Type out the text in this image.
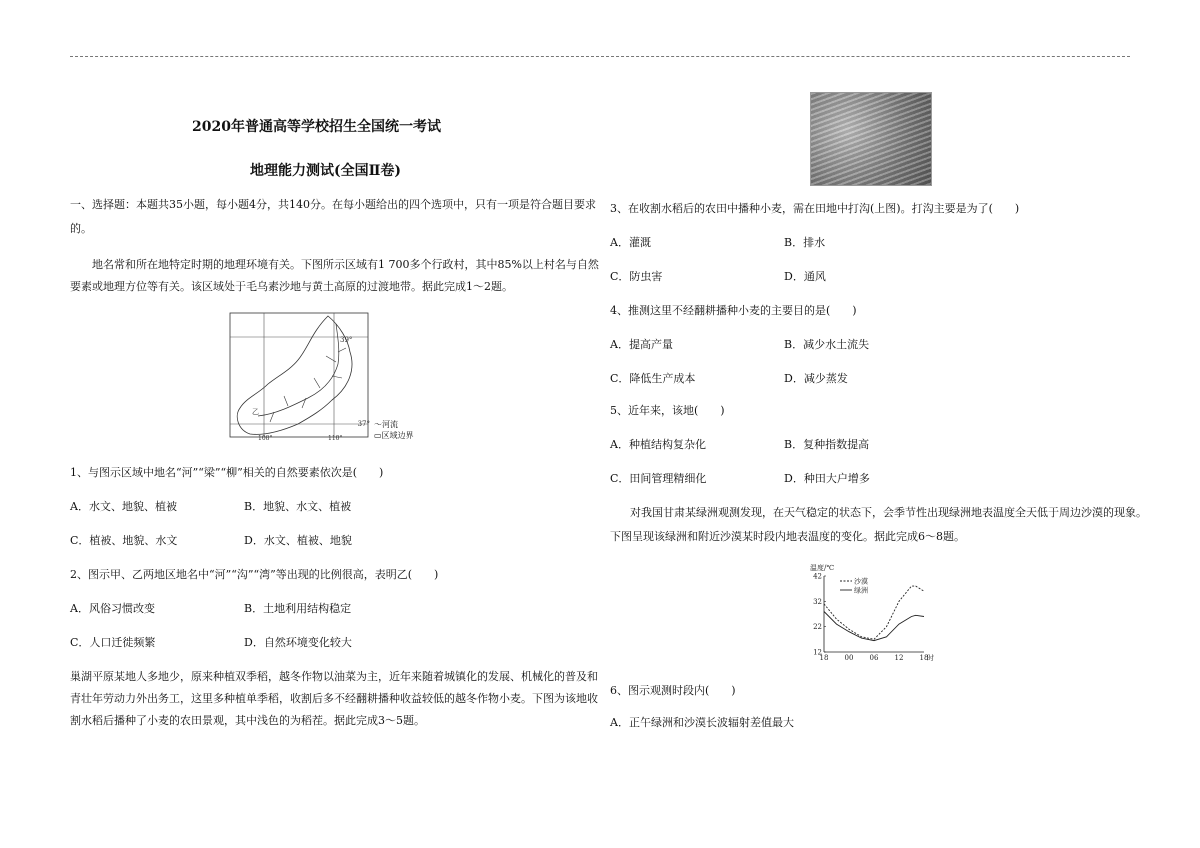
2020年普通高等学校招生全国统一考试
地理能力测试(全国Ⅱ卷)
一、选择题：本题共35小题，每小题4分，共140分。在每小题给出的四个选项中，只有一项是符合题目要求
的。
地名常和所在地特定时期的地理环境有关。下图所示区域有1 700多个行政村，其中85%以上村名与自然
要素或地理方位等有关。该区域处于毛乌素沙地与黄土高原的过渡地带。据此完成1～2题。
乙
39°
37°
108°	110°
〜河流
▭区域边界
1、与图示区域中地名“河”“梁”“柳”相关的自然要素依次是(　　)
A．水文、地貌、植被	B．地貌、水文、植被
C．植被、地貌、水文	D．水文、植被、地貌
2、图示甲、乙两地区地名中“河”“沟”“湾”等出现的比例很高，表明乙(　　)
A．风俗习惯改变	B．土地利用结构稳定
C．人口迁徙频繁	D．自然环境变化较大
巢湖平原某地人多地少，原来种植双季稻，越冬作物以油菜为主，近年来随着城镇化的发展、机械化的普及和
青壮年劳动力外出务工，这里多种植单季稻，收割后多不经翻耕播种收益较低的越冬作物小麦。下图为该地收
割水稻后播种了小麦的农田景观，其中浅色的为稻茬。据此完成3～5题。
3、在收割水稻后的农田中播种小麦，需在田地中打沟(上图)。打沟主要是为了(　　)
A．灌溉	B．排水
C．防虫害	D．通风
4、推测这里不经翻耕播种小麦的主要目的是(　　)
A．提高产量	B．减少水土流失
C．降低生产成本	D．减少蒸发
5、近年来，该地(　　)
A．种植结构复杂化	B．复种指数提高
C．田间管理精细化	D．种田大户增多
对我国甘肃某绿洲观测发现，在天气稳定的状态下，会季节性出现绿洲地表温度全天低于周边沙漠的现象。
下图呈现该绿洲和附近沙漠某时段内地表温度的变化。据此完成6～8题。
42
32
22
12
18 00 06 12 18
时
温度/℃
沙漠
绿洲
6、图示观测时段内(　　)
A．正午绿洲和沙漠长波辐射差值最大
